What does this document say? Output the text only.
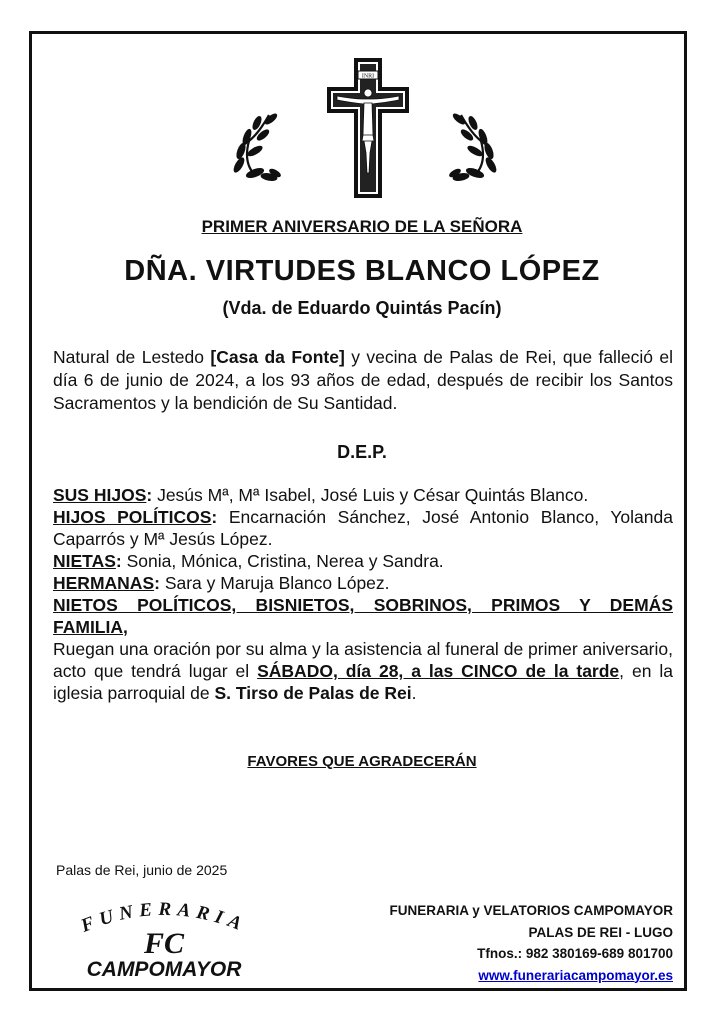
INRI
PRIMER ANIVERSARIO DE LA SEÑORA
DÑA. VIRTUDES BLANCO LÓPEZ
(Vda. de Eduardo Quintás Pacín)
Natural de Lestedo [Casa da Fonte] y vecina de Palas de Rei, que falleció el día 6 de junio de 2024, a los 93 años de edad, después de recibir los Santos Sacramentos y la bendición de Su Santidad.
D.E.P.

SUS HIJOS: Jesús Mª, Mª Isabel, José Luis y César Quintás Blanco.

HIJOS POLÍTICOS: Encarnación Sánchez, José Antonio Blanco, Yolanda Caparrós y Mª Jesús López.

NIETAS: Sonia, Mónica, Cristina, Nerea y Sandra.

HERMANAS: Sara y Maruja Blanco López.

NIETOS POLÍTICOS, BISNIETOS, SOBRINOS, PRIMOS Y DEMÁS

FAMILIA,

Ruegan una oración por su alma y la asistencia al funeral de primer aniversario, acto que tendrá lugar el SÁBADO, día 28, a las CINCO de la tarde, en la iglesia parroquial de S. Tirso de Palas de Rei.

FAVORES QUE AGRADECERÁN
Palas de Rei, junio de 2025
FUNERARIA
FC
CAMPOMAYOR
FUNERARIA y VELATORIOS CAMPOMAYOR
PALAS DE REI - LUGO
Tfnos.: 982 380169-689 801700
www.funerariacampomayor.es
